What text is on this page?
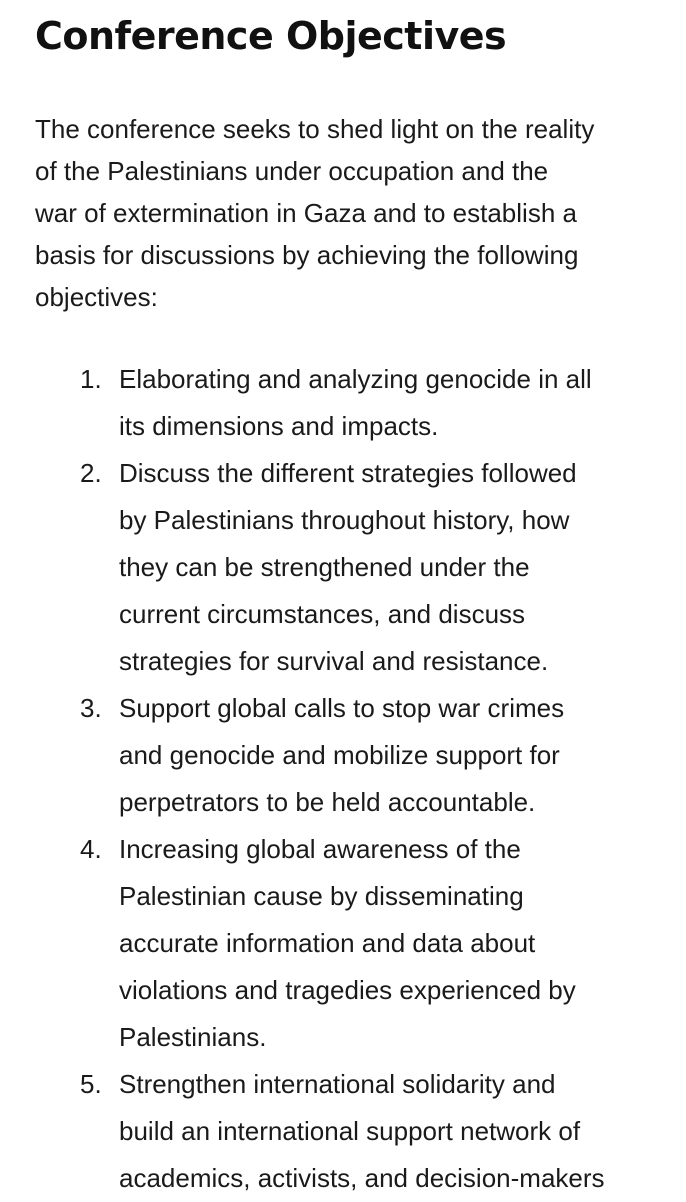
Conference Objectives

The conference seeks to shed light on the reality
of the Palestinians under occupation and the
war of extermination in Gaza and to establish a
basis for discussions by achieving the following
objectives:

1. Elaborating and analyzing genocide in all
its dimensions and impacts.
2. Discuss the different strategies followed
by Palestinians throughout history, how
they can be strengthened under the
current circumstances, and discuss
strategies for survival and resistance.
3. Support global calls to stop war crimes
and genocide and mobilize support for
perpetrators to be held accountable.
4. Increasing global awareness of the
Palestinian cause by disseminating
accurate information and data about
violations and tragedies experienced by
Palestinians.
5. Strengthen international solidarity and
build an international support network of
academics, activists, and decision-makers
